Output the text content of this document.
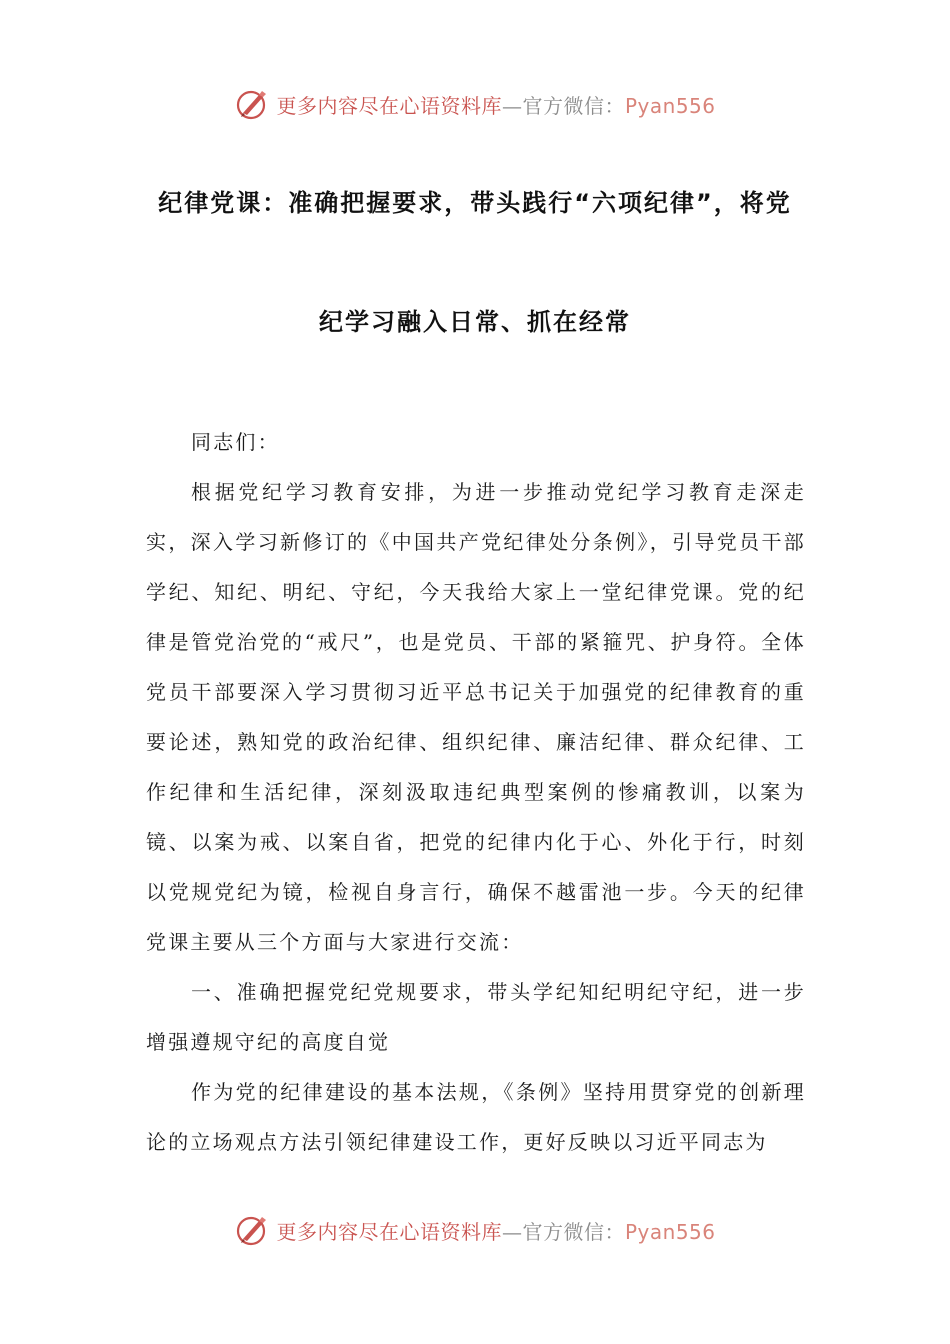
更多内容尽在心语资料库—官方微信：Pyan556
纪律党课：准确把握要求，带头践行“六项纪律”，将党
纪学习融入日常、抓在经常

同志们：

根据党纪学习教育安排，为进一步推动党纪学习教育走深走实，深入学习新修订的《中国共产党纪律处分条例》，引导党员干部学纪、知纪、明纪、守纪，今天我给大家上一堂纪律党课。党的纪律是管党治党的“戒尺”，也是党员、干部的紧箍咒、护身符。全体党员干部要深入学习贯彻习近平总书记关于加强党的纪律教育的重要论述，熟知党的政治纪律、组织纪律、廉洁纪律、群众纪律、工作纪律和生活纪律，深刻汲取违纪典型案例的惨痛教训，以案为镜、以案为戒、以案自省，把党的纪律内化于心、外化于行，时刻以党规党纪为镜，检视自身言行，确保不越雷池一步。今天的纪律党课主要从三个方面与大家进行交流：

一、准确把握党纪党规要求，带头学纪知纪明纪守纪，进一步增强遵规守纪的高度自觉

作为党的纪律建设的基本法规，《条例》坚持用贯穿党的创新理论的立场观点方法引领纪律建设工作，更好反映以习近平同志为

更多内容尽在心语资料库—官方微信：Pyan556
